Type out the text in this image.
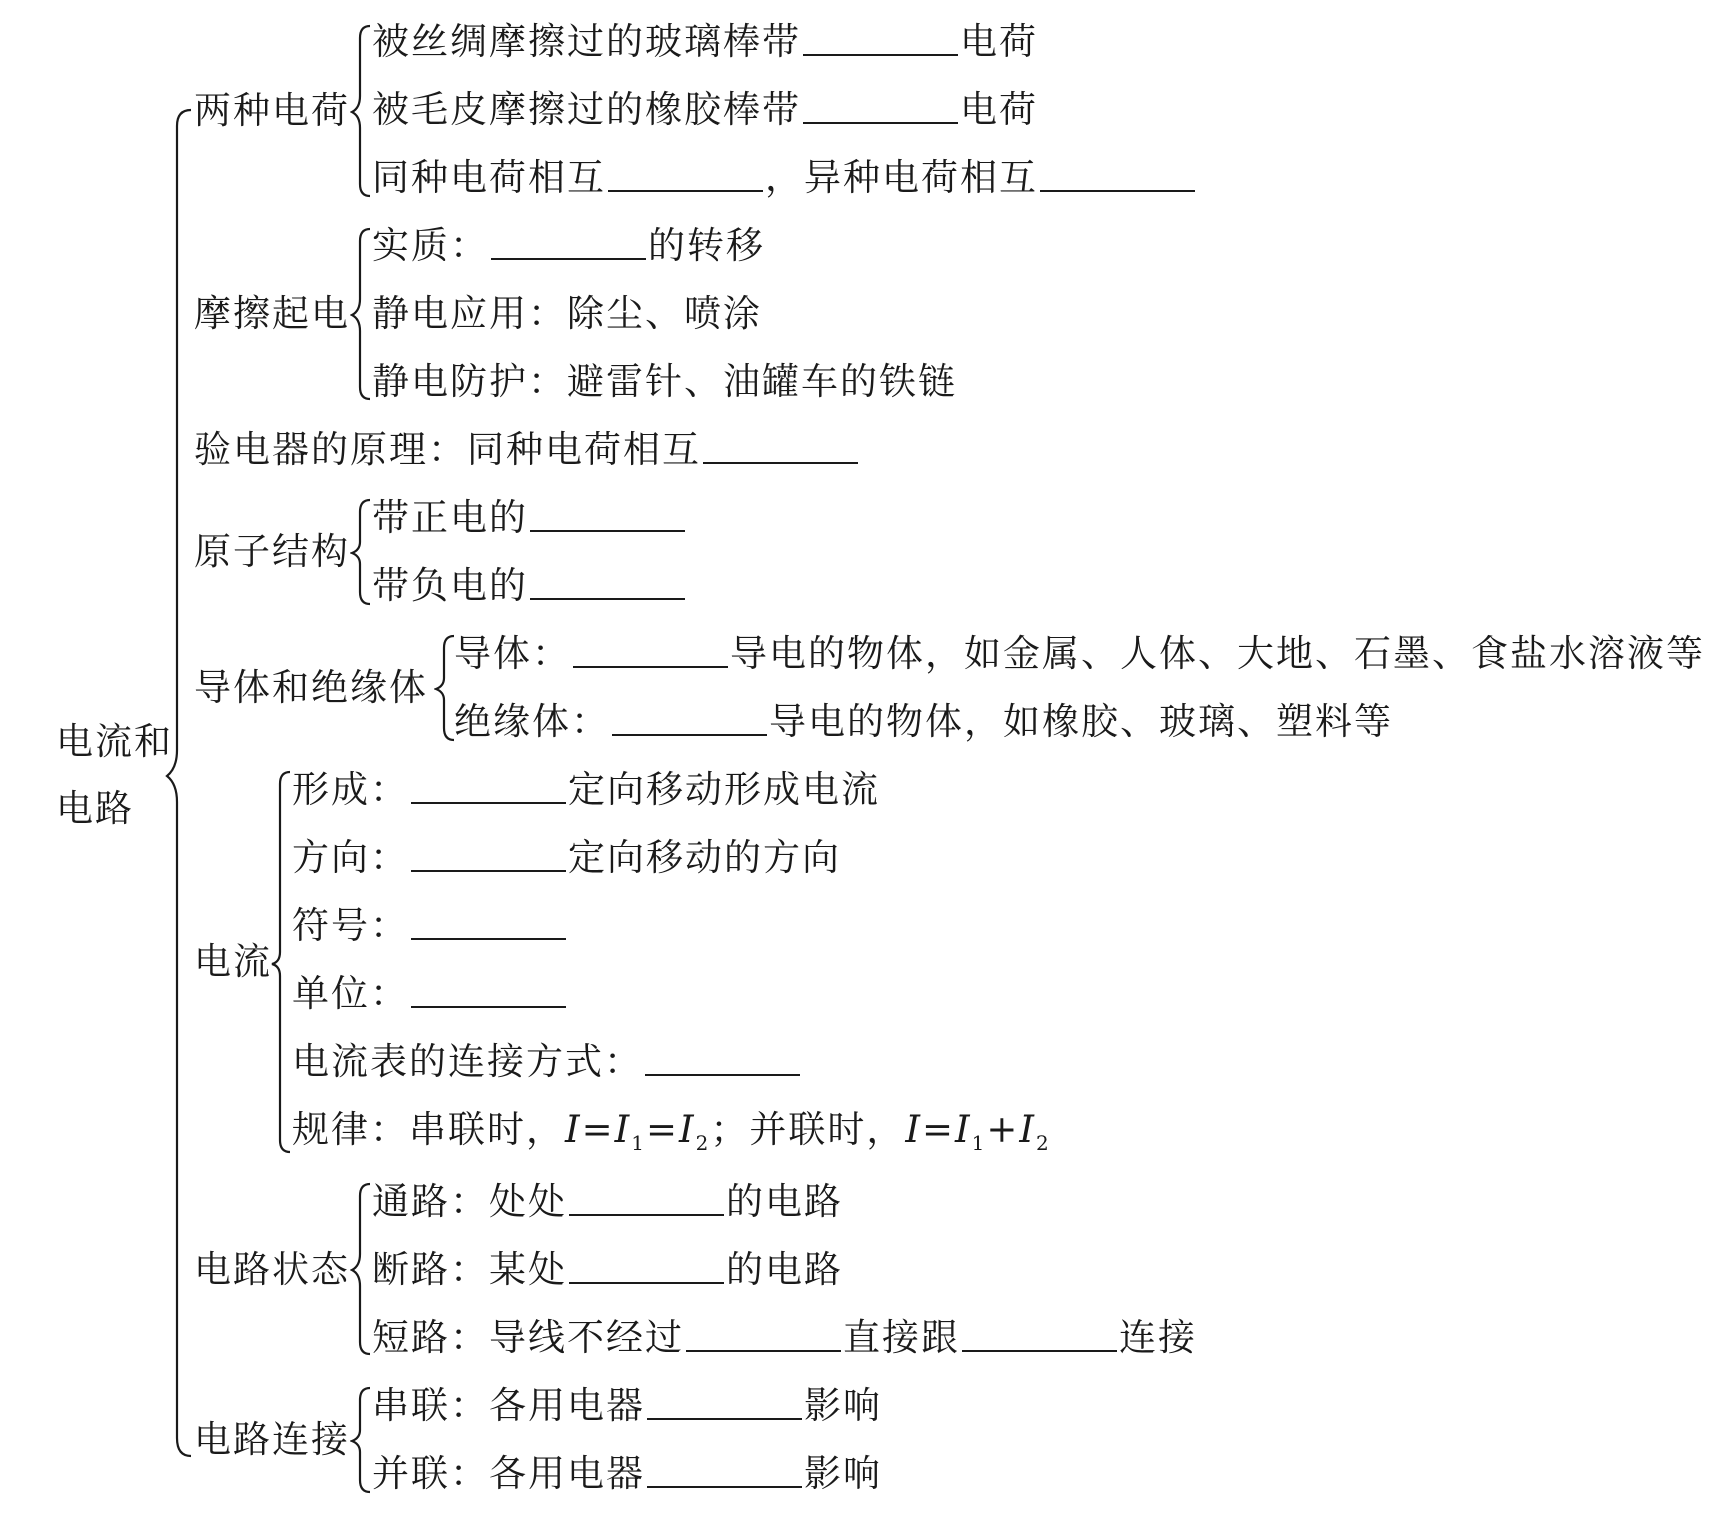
电流和
电路
两种电荷
被丝绸摩擦过的玻璃棒带	电荷
被毛皮摩擦过的橡胶棒带	电荷
同种电荷相互	，异种电荷相互
摩擦起电
实质：	的转移
静电应用：除尘、喷涂
静电防护：避雷针、油罐车的铁链
验电器的原理：同种电荷相互
原子结构
带正电的
带负电的
导体和绝缘体
导体：	导电的物体，如金属、人体、大地、石墨、食盐水溶液等
绝缘体：	导电的物体，如橡胶、玻璃、塑料等
电流
形成：	定向移动形成电流
方向：	定向移动的方向
符号：
单位：
电流表的连接方式：
规律：串联时，$I=I_1=I_2$；并联时，$I=I_1+I_2$
电路状态
通路：处处	的电路
断路：某处	的电路
短路：导线不经过	直接跟	连接
电路连接
串联：各用电器	影响
并联：各用电器	影响
